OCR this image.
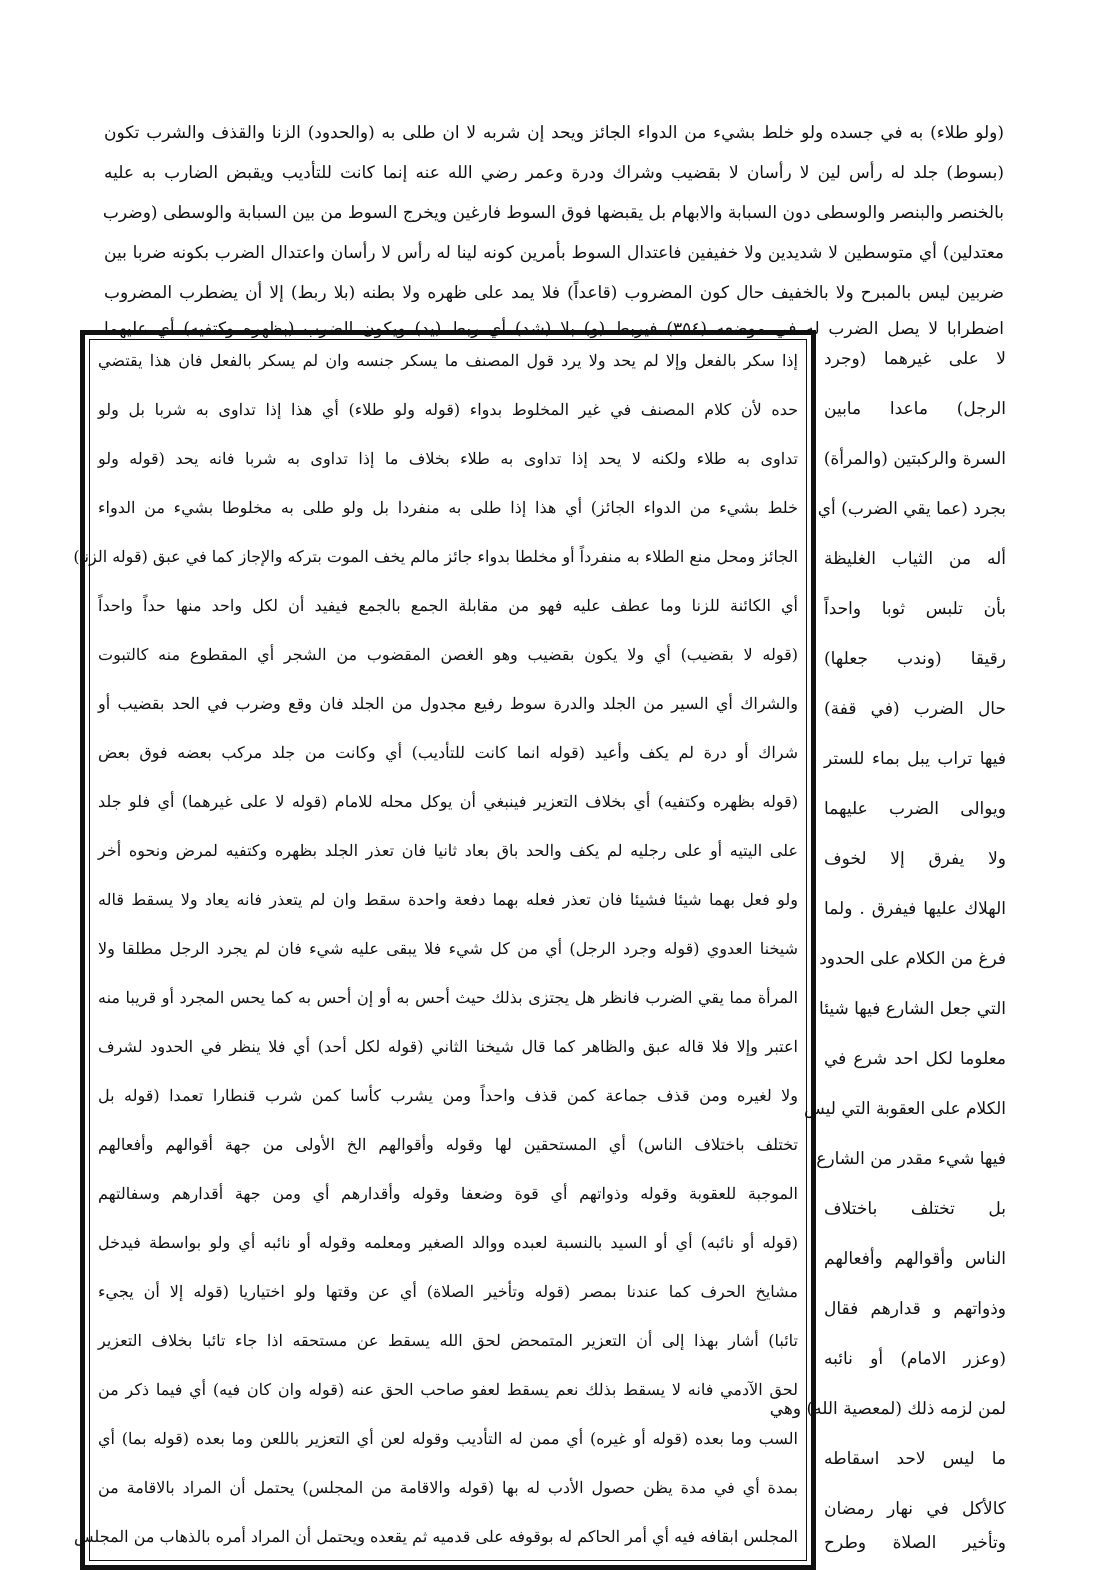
(ولو طلاء) به في جسده ولو خلط بشيء من الدواء الجائز ويحد إن شربه لا ان طلى به (والحدود) الزنا والقذف والشرب تكون
(بسوط) جلد له رأس لين لا رأسان لا بقضيب وشراك ودرة وعمر رضي الله عنه إنما كانت للتأديب ويقبض الضارب به عليه
بالخنصر والبنصر والوسطى دون السبابة والابهام بل يقبضها فوق السوط فارغين ويخرج السوط من بين السبابة والوسطى (وضرب
معتدلين) أي متوسطين لا شديدين ولا خفيفين فاعتدال السوط بأمرين كونه لينا له رأس لا رأسان واعتدال الضرب بكونه ضربا بين
ضربين ليس بالمبرح ولا بالخفيف حال كون المضروب (قاعداً) فلا يمد على ظهره ولا بطنه (بلا ربط) إلا أن يضطرب المضروب
اضطرابا لا يصل الضرب له في موضعه (٣٥٤) فيربط (و) بلا (شد) أي ربط (يد) ويكون الضرب (بظهره وكتفيه) أي عليهما
إذا سكر بالفعل وإلا لم يحد ولا يرد قول المصنف ما يسكر جنسه وان لم يسكر بالفعل فان هذا يقتضي
حده لأن كلام المصنف في غير المخلوط بدواء (قوله ولو طلاء) أي هذا إذا تداوى به شربا بل ولو
تداوى به طلاء ولكنه لا يحد إذا تداوى به طلاء بخلاف ما إذا تداوى به شربا فانه يحد (قوله ولو
خلط بشيء من الدواء الجائز) أي هذا إذا طلى به منفردا بل ولو طلى به مخلوطا بشيء من الدواء
الجائز ومحل منع الطلاء به منفرداً أو مخلطا بدواء جائز مالم يخف الموت بتركه والإجاز كما في عبق (قوله الزنا)
أي الكائنة للزنا وما عطف عليه فهو من مقابلة الجمع بالجمع فيفيد أن لكل واحد منها حداً واحداً
(قوله لا بقضيب) أي ولا يكون بقضيب وهو الغصن المقضوب من الشجر أي المقطوع منه كالتبوت
والشراك أي السير من الجلد والدرة سوط رفيع مجدول من الجلد فان وقع وضرب في الحد بقضيب أو
شراك أو درة لم يكف وأعيد (قوله انما كانت للتأديب) أي وكانت من جلد مركب بعضه فوق بعض
(قوله بظهره وكتفيه) أي بخلاف التعزير فينبغي أن يوكل محله للامام (قوله لا على غيرهما) أي فلو جلد
على اليتيه أو على رجليه لم يكف والحد باق بعاد ثانيا فان تعذر الجلد بظهره وكتفيه لمرض ونحوه أخر
ولو فعل بهما شيئا فشيئا فان تعذر فعله بهما دفعة واحدة سقط وان لم يتعذر فانه يعاد ولا يسقط قاله
شيخنا العدوي (قوله وجرد الرجل) أي من كل شيء فلا يبقى عليه شيء فان لم يجرد الرجل مطلقا ولا
المرأة مما يقي الضرب فانظر هل يجتزى بذلك حيث أحس به أو إن أحس به كما يحس المجرد أو قريبا منه
اعتبر وإلا فلا قاله عبق والظاهر كما قال شيخنا الثاني (قوله لكل أحد) أي فلا ينظر في الحدود لشرف
ولا لغيره ومن قذف جماعة كمن قذف واحداً ومن يشرب كأسا كمن شرب قنطارا تعمدا (قوله بل
تختلف باختلاف الناس) أي المستحقين لها وقوله وأقوالهم الخ الأولى من جهة أقوالهم وأفعالهم
الموجبة للعقوبة وقوله وذواتهم أي قوة وضعفا وقوله وأقدارهم أي ومن جهة أقدارهم وسفالتهم
(قوله أو نائبه) أي أو السيد بالنسبة لعبده ووالد الصغير ومعلمه وقوله أو نائبه أي ولو بواسطة فيدخل
مشايخ الحرف كما عندنا بمصر (قوله وتأخير الصلاة) أي عن وقتها ولو اختياريا (قوله إلا أن يجيء
تائبا) أشار بهذا إلى أن التعزير المتمحض لحق الله يسقط عن مستحقه اذا جاء تائبا بخلاف التعزير
لحق الآدمي فانه لا يسقط بذلك نعم يسقط لعفو صاحب الحق عنه (قوله وان كان فيه) أي فيما ذكر من
السب وما بعده (قوله أو غيره) أي ممن له التأديب وقوله لعن أي التعزير باللعن وما بعده (قوله بما) أي
بمدة أي في مدة يظن حصول الأدب له بها (قوله والاقامة من المجلس) يحتمل أن المراد بالاقامة من
المجلس ابقافه فيه أي أمر الحاكم له بوقوفه على قدميه ثم يقعده ويحتمل أن المراد أمره بالذهاب من المجلس
لا على غيرهما (وجرد
الرجل) ماعدا مابين
السرة والركبتين (والمرأة)
بجرد (عما يقي الضرب) أي
أله من الثياب الغليظة
بأن تلبس ثوبا واحداً
رقيقا (وندب جعلها)
حال الضرب (في قفة)
فيها تراب يبل بماء للستر
ويوالى الضرب عليهما
ولا يفرق إلا لخوف
الهلاك عليها فيفرق . ولما
فرغ من الكلام على الحدود
التي جعل الشارع فيها شيئا
معلوما لكل احد شرع في
الكلام على العقوبة التي ليس
فيها شيء مقدر من الشارع
بل تختلف باختلاف
الناس وأقوالهم وأفعالهم
وذواتهم و قدارهم فقال
(وعزر الامام) أو نائبه
لمن لزمه ذلك (لمعصية الله) وهي
ما ليس لاحد اسقاطه
كالأكل في نهار رمضان
وتأخير الصلاة وطرح
